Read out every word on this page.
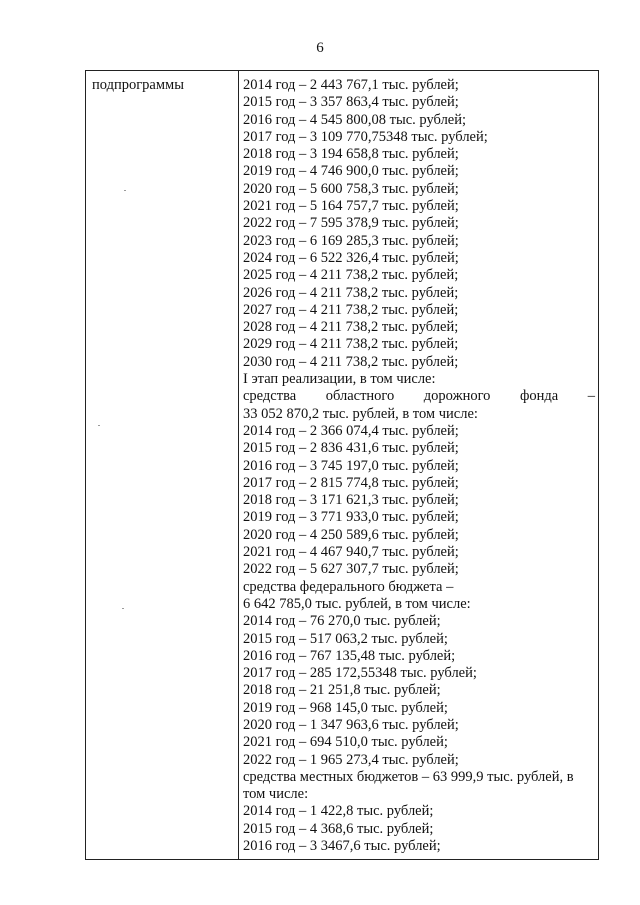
6
подпрограммы	2014 год – 2 443 767,1 тыс. рублей;
2015 год – 3 357 863,4 тыс. рублей;
2016 год – 4 545 800,08 тыс. рублей;
2017 год – 3 109 770,75348 тыс. рублей;
2018 год – 3 194 658,8 тыс. рублей;
2019 год – 4 746 900,0 тыс. рублей;
2020 год – 5 600 758,3 тыс. рублей;
2021 год – 5 164 757,7 тыс. рублей;
2022 год – 7 595 378,9 тыс. рублей;
2023 год – 6 169 285,3 тыс. рублей;
2024 год – 6 522 326,4 тыс. рублей;
2025 год – 4 211 738,2 тыс. рублей;
2026 год – 4 211 738,2 тыс. рублей;
2027 год – 4 211 738,2 тыс. рублей;
2028 год – 4 211 738,2 тыс. рублей;
2029 год – 4 211 738,2 тыс. рублей;
2030 год – 4 211 738,2 тыс. рублей;
I этап реализации, в том числе:
средства областного дорожного фонда –
33 052 870,2 тыс. рублей, в том числе:
2014 год – 2 366 074,4 тыс. рублей;
2015 год – 2 836 431,6 тыс. рублей;
2016 год – 3 745 197,0 тыс. рублей;
2017 год – 2 815 774,8 тыс. рублей;
2018 год – 3 171 621,3 тыс. рублей;
2019 год – 3 771 933,0 тыс. рублей;
2020 год – 4 250 589,6 тыс. рублей;
2021 год – 4 467 940,7 тыс. рублей;
2022 год – 5 627 307,7 тыс. рублей;
средства федерального бюджета –
6 642 785,0 тыс. рублей, в том числе:
2014 год – 76 270,0 тыс. рублей;
2015 год – 517 063,2 тыс. рублей;
2016 год – 767 135,48 тыс. рублей;
2017 год – 285 172,55348 тыс. рублей;
2018 год – 21 251,8 тыс. рублей;
2019 год – 968 145,0 тыс. рублей;
2020 год – 1 347 963,6 тыс. рублей;
2021 год – 694 510,0 тыс. рублей;
2022 год – 1 965 273,4 тыс. рублей;
средства местных бюджетов – 63 999,9 тыс. рублей, в том числе:
2014 год – 1 422,8 тыс. рублей;
2015 год – 4 368,6 тыс. рублей;
2016 год – 3 3467,6 тыс. рублей;
